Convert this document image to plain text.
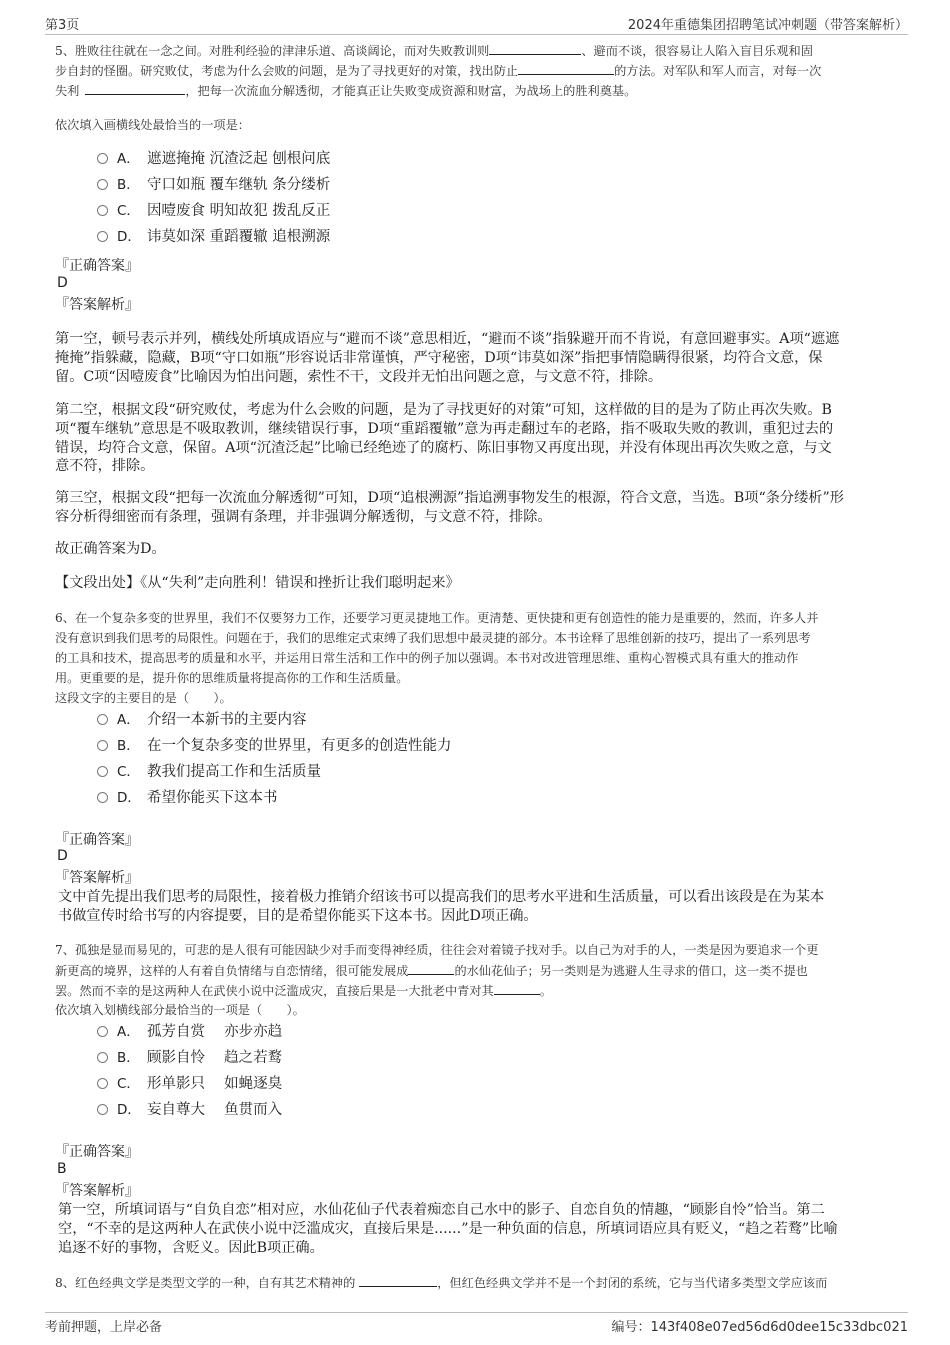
第3页	2024年重德集团招聘笔试冲刺题（带答案解析）

5、胜败往往就在一念之间。对胜利经验的津津乐道、高谈阔论，而对失败教训则	、避而不谈，很容易让人陷入盲目乐观和固

步自封的怪圈。研究败仗，考虑为什么会败的问题，是为了寻找更好的对策，找出防止	的方法。对军队和军人而言，对每一次

失利	，把每一次流血分解透彻，才能真正让失败变成资源和财富，为战场上的胜利奠基。

依次填入画横线处最恰当的一项是：

A． 遮遮掩掩 沉渣泛起 刨根问底
B． 守口如瓶 覆车继轨 条分缕析
C． 因噎废食 明知故犯 拨乱反正
D． 讳莫如深 重蹈覆辙 追根溯源

『正确答案』

D

『答案解析』

第一空，顿号表示并列，横线处所填成语应与“避而不谈”意思相近，“避而不谈”指躲避开而不肯说，有意回避事实。A项“遮遮

掩掩”指躲藏，隐藏，B项“守口如瓶”形容说话非常谨慎，严守秘密，D项“讳莫如深”指把事情隐瞒得很紧，均符合文意，保

留。C项“因噎废食”比喻因为怕出问题，索性不干，文段并无怕出问题之意，与文意不符，排除。

第二空，根据文段“研究败仗，考虑为什么会败的问题，是为了寻找更好的对策”可知，这样做的目的是为了防止再次失败。B

项“覆车继轨”意思是不吸取教训，继续错误行事，D项“重蹈覆辙”意为再走翻过车的老路，指不吸取失败的教训，重犯过去的

错误，均符合文意，保留。A项“沉渣泛起”比喻已经绝迹了的腐朽、陈旧事物又再度出现，并没有体现出再次失败之意，与文

意不符，排除。

第三空，根据文段“把每一次流血分解透彻”可知，D项“追根溯源”指追溯事物发生的根源，符合文意，当选。B项“条分缕析”形

容分析得细密而有条理，强调有条理，并非强调分解透彻，与文意不符，排除。

故正确答案为D。

【文段出处】《从“失利”走向胜利！错误和挫折让我们聪明起来》

6、在一个复杂多变的世界里，我们不仅要努力工作，还要学习更灵捷地工作。更清楚、更快捷和更有创造性的能力是重要的，然而，许多人并

没有意识到我们思考的局限性。问题在于，我们的思维定式束缚了我们思想中最灵捷的部分。本书诠释了思维创新的技巧，提出了一系列思考

的工具和技术，提高思考的质量和水平，并运用日常生活和工作中的例子加以强调。本书对改进管理思维、重构心智模式具有重大的推动作

用。更重要的是，提升你的思维质量将提高你的工作和生活质量。

这段文字的主要目的是（　　）。

A． 介绍一本新书的主要内容
B． 在一个复杂多变的世界里，有更多的创造性能力
C． 教我们提高工作和生活质量
D． 希望你能买下这本书

『正确答案』

D

『答案解析』

文中首先提出我们思考的局限性，接着极力推销介绍该书可以提高我们的思考水平进和生活质量，可以看出该段是在为某本

书做宣传时给书写的内容提要，目的是希望你能买下这本书。因此D项正确。

7、孤独是显而易见的，可悲的是人很有可能因缺少对手而变得神经质，往往会对着镜子找对手。以自己为对手的人，一类是因为要追求一个更

新更高的境界，这样的人有着自负情绪与自恋情绪，很可能发展成	的水仙花仙子；另一类则是为逃避人生寻求的借口，这一类不提也

罢。然而不幸的是这两种人在武侠小说中泛滥成灾，直接后果是一大批老中青对其	。

依次填入划横线部分最恰当的一项是（　　）。

A． 孤芳自赏　 亦步亦趋
B． 顾影自怜　 趋之若鹜
C． 形单影只　 如蝇逐臭
D． 妄自尊大　 鱼贯而入

『正确答案』

B

『答案解析』

第一空，所填词语与“自负自恋”相对应，水仙花仙子代表着痴恋自己水中的影子、自恋自负的情趣，“顾影自怜”恰当。第二

空，“不幸的是这两种人在武侠小说中泛滥成灾，直接后果是......”是一种负面的信息，所填词语应具有贬义，“趋之若鹜”比喻

追逐不好的事物，含贬义。因此B项正确。

8、红色经典文学是类型文学的一种，自有其艺术精神的	，但红色经典文学并不是一个封闭的系统，它与当代诸多类型文学应该而

考前押题，上岸必备	编号：143f408e07ed56d6d0dee15c33dbc021
